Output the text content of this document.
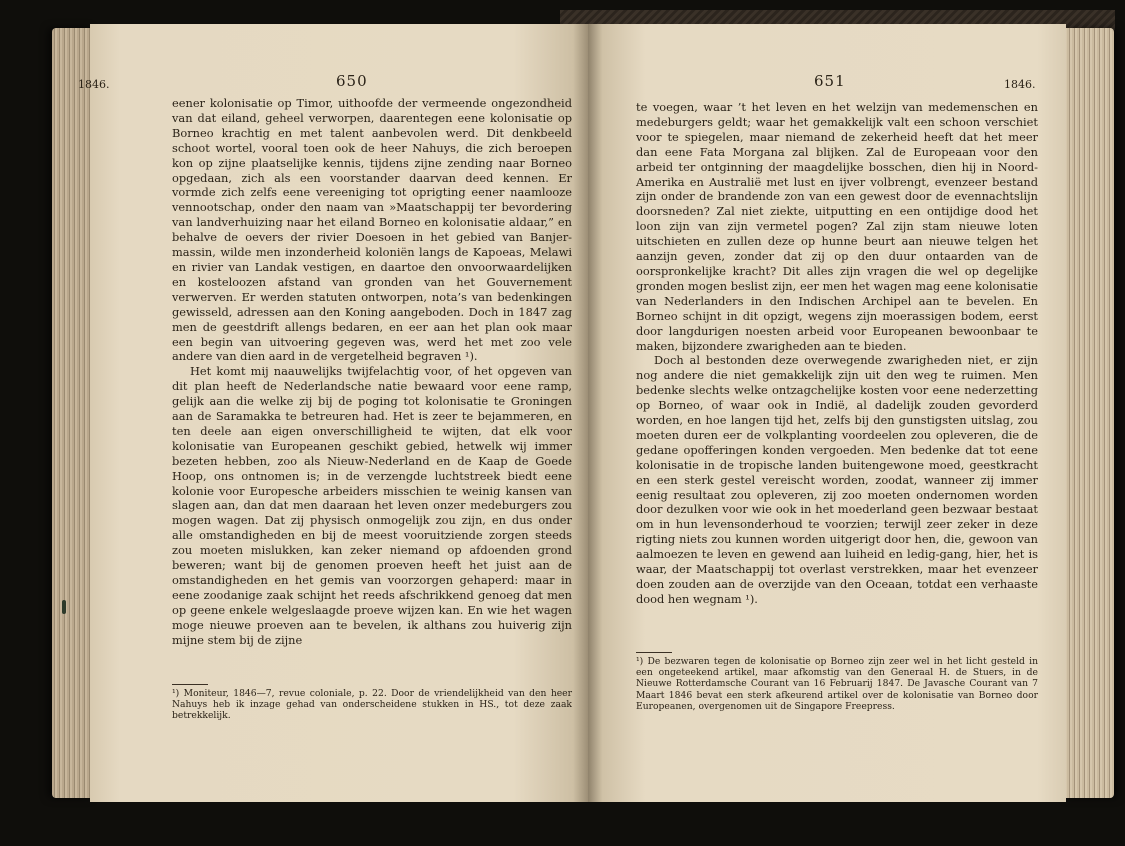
650
1846.

eener kolonisatie op Timor, uithoofde der vermeende ongezondheid van dat eiland, geheel verworpen, daarentegen eene kolonisatie op Borneo krachtig en met talent aanbevolen werd. Dit denkbeeld schoot wortel, vooral toen ook de heer Nahuys, die zich beroepen kon op zijne plaatselijke kennis, tijdens zijne zending naar Borneo opgedaan, zich als een voorstander daarvan deed kennen. Er vormde zich zelfs eene vereeniging tot oprigting eener naamlooze vennootschap, onder den naam van »Maatschappij ter bevordering van landverhuizing naar het eiland Borneo en kolonisatie aldaar,” en behalve de oevers der rivier Doesoen in het gebied van Banjer-massin, wilde men inzonderheid koloniën langs de Kapoeas, Melawi en rivier van Landak vestigen, en daartoe den onvoorwaardelijken en kosteloozen afstand van gronden van het Gouvernement verwerven. Er werden statuten ontworpen, nota’s van bedenkingen gewisseld, adressen aan den Koning aangeboden. Doch in 1847 zag men de geestdrift allengs bedaren, en eer aan het plan ook maar een begin van uitvoering gegeven was, werd het met zoo vele andere van dien aard in de vergetelheid begraven ¹).

Het komt mij naauwelijks twijfelachtig voor, of het opgeven van dit plan heeft de Nederlandsche natie bewaard voor eene ramp, gelijk aan die welke zij bij de poging tot kolonisatie te Groningen aan de Saramakka te betreuren had. Het is zeer te bejammeren, en ten deele aan eigen onverschilligheid te wijten, dat elk voor kolonisatie van Europeanen geschikt gebied, hetwelk wij immer bezeten hebben, zoo als Nieuw-Nederland en de Kaap de Goede Hoop, ons ontnomen is; in de verzengde luchtstreek biedt eene kolonie voor Europesche arbeiders misschien te weinig kansen van slagen aan, dan dat men daaraan het leven onzer medeburgers zou mogen wagen. Dat zij physisch onmogelijk zou zijn, en dus onder alle omstandigheden en bij de meest vooruitziende zorgen steeds zou moeten mislukken, kan zeker niemand op afdoenden grond beweren; want bij de genomen proeven heeft het juist aan de omstandigheden en het gemis van voorzorgen gehaperd: maar in eene zoodanige zaak schijnt het reeds afschrikkend genoeg dat men op geene enkele welgeslaagde proeve wijzen kan. En wie het wagen moge nieuwe proeven aan te bevelen, ik althans zou huiverig zijn mijne stem bij de zijne

¹) Moniteur, 1846—7, revue coloniale, p. 22. Door de vriendelijkheid van den heer Nahuys heb ik inzage gehad van onderscheidene stukken in HS., tot deze zaak betrekkelijk.
651	1846.

te voegen, waar ’t het leven en het welzijn van medemenschen en medeburgers geldt; waar het gemakkelijk valt een schoon verschiet voor te spiegelen, maar niemand de zekerheid heeft dat het meer dan eene Fata Morgana zal blijken. Zal de Europeaan voor den arbeid ter ontginning der maagdelijke bosschen, dien hij in Noord-Amerika en Australië met lust en ijver volbrengt, evenzeer bestand zijn onder de brandende zon van een gewest door de evennachtslijn doorsneden? Zal niet ziekte, uitputting en een ontijdige dood het loon zijn van zijn vermetel pogen? Zal zijn stam nieuwe loten uitschieten en zullen deze op hunne beurt aan nieuwe telgen het aanzijn geven, zonder dat zij op den duur ontaarden van de oorspronkelijke kracht? Dit alles zijn vragen die wel op degelijke gronden mogen beslist zijn, eer men het wagen mag eene kolonisatie van Nederlanders in den Indischen Archipel aan te bevelen. En Borneo schijnt in dit opzigt, wegens zijn moerassigen bodem, eerst door langdurigen noesten arbeid voor Europeanen bewoonbaar te maken, bijzondere zwarigheden aan te bieden.

Doch al bestonden deze overwegende zwarigheden niet, er zijn nog andere die niet gemakkelijk zijn uit den weg te ruimen. Men bedenke slechts welke ontzagchelijke kosten voor eene nederzetting op Borneo, of waar ook in Indië, al dadelijk zouden gevorderd worden, en hoe langen tijd het, zelfs bij den gunstigsten uitslag, zou moeten duren eer de volkplanting voordeelen zou opleveren, die de gedane opofferingen konden vergoeden. Men bedenke dat tot eene kolonisatie in de tropische landen buitengewone moed, geestkracht en een sterk gestel vereischt worden, zoodat, wanneer zij immer eenig resultaat zou opleveren, zij zoo moeten ondernomen worden door dezulken voor wie ook in het moederland geen bezwaar bestaat om in hun levensonderhoud te voorzien; terwijl zeer zeker in deze rigting niets zou kunnen worden uitgerigt door hen, die, gewoon van aalmoezen te leven en gewend aan luiheid en ledig-gang, hier, het is waar, der Maatschappij tot overlast verstrekken, maar het evenzeer doen zouden aan de overzijde van den Oceaan, totdat een verhaaste dood hen wegnam ¹).

¹) De bezwaren tegen de kolonisatie op Borneo zijn zeer wel in het licht gesteld in een ongeteekend artikel, maar afkomstig van den Generaal H. de Stuers, in de Nieuwe Rotterdamsche Courant van 16 Februarij 1847. De Javasche Courant van 7 Maart 1846 bevat een sterk afkeurend artikel over de kolonisatie van Borneo door Europeanen, overgenomen uit de Singapore Freepress.
